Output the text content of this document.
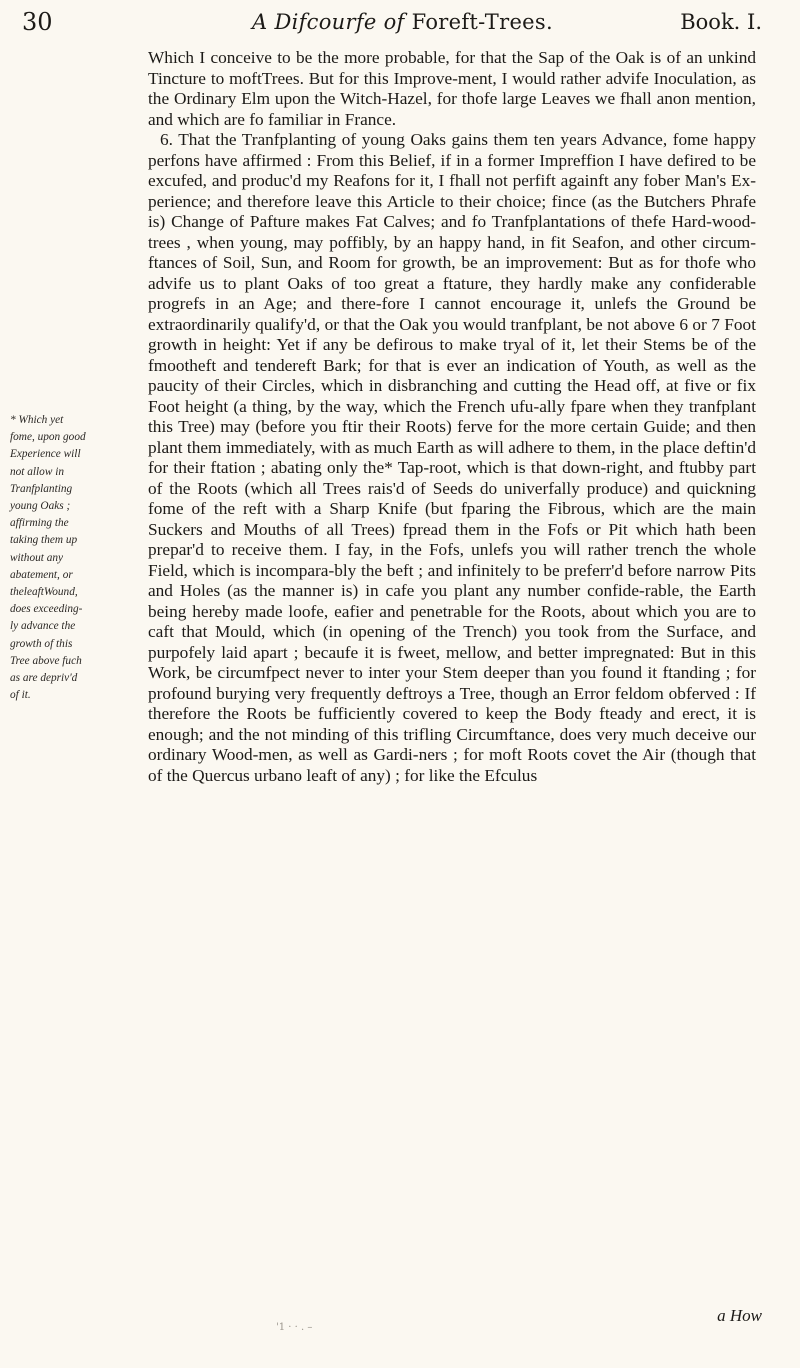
30	A Difcourfe of Foreft-Trees.	Book. I.

Which I conceive to be the more probable, for that the Sap of the Oak is of an unkind Tincture to moftTrees. But for this Improve-ment, I would rather advife Inoculation, as the Ordinary Elm upon the Witch-Hazel, for thofe large Leaves we fhall anon mention, and which are fo familiar in France.

6. That the Tranfplanting of young Oaks gains them ten years Advance, fome happy perfons have affirmed : From this Belief, if in a former Impreffion I have defired to be excufed, and produc'd my Reafons for it, I fhall not perfift againft any fober Man's Ex-perience; and therefore leave this Article to their choice; fince (as the Butchers Phrafe is) Change of Pafture makes Fat Calves; and fo Tranfplantations of thefe Hard-wood-trees , when young, may poffibly, by an happy hand, in fit Seafon, and other circum-ftances of Soil, Sun, and Room for growth, be an improvement: But as for thofe who advife us to plant Oaks of too great a ftature, they hardly make any confiderable progrefs in an Age; and there-fore I cannot encourage it, unlefs the Ground be extraordinarily qualify'd, or that the Oak you would tranfplant, be not above 6 or 7 Foot growth in height: Yet if any be defirous to make tryal of it, let their Stems be of the fmootheft and tendereft Bark; for that is ever an indication of Youth, as well as the paucity of their Circles, which in disbranching and cutting the Head off, at five or fix Foot height (a thing, by the way, which the French ufu-ally fpare when they tranfplant this Tree) may (before you ftir their Roots) ferve for the more certain Guide; and then plant them immediately, with as much Earth as will adhere to them, in the place deftin'd for their ftation ; abating only the* Tap-root, which is that down-right, and ftubby part of the Roots (which all Trees rais'd of Seeds do univerfally produce) and quickning fome of the reft with a Sharp Knife (but fparing the Fibrous, which are the main Suckers and Mouths of all Trees) fpread them in the Fofs or Pit which hath been prepar'd to receive them. I fay, in the Fofs, unlefs you will rather trench the whole Field, which is incompara-bly the beft ; and infinitely to be preferr'd before narrow Pits and Holes (as the manner is) in cafe you plant any number confide-rable, the Earth being hereby made loofe, eafier and penetrable for the Roots, about which you are to caft that Mould, which (in opening of the Trench) you took from the Surface, and purpofely laid apart ; becaufe it is fweet, mellow, and better impregnated: But in this Work, be circumfpect never to inter your Stem deeper than you found it ftanding ; for profound burying very frequently deftroys a Tree, though an Error feldom obferved : If therefore the Roots be fufficiently covered to keep the Body fteady and erect, it is enough; and the not minding of this trifling Circumftance, does very much deceive our ordinary Wood-men, as well as Gardi-ners ; for moft Roots covet the Air (though that of the Quercus urbano leaft of any) ; for like the Efculus

* Which yet
fome, upon good
Experience will
not allow in
Tranfplanting
young Oaks ;
affirming the
taking them up
without any
abatement, or
theleaftWound,
does exceeding-
ly advance the
growth of this
Tree above fuch
as are depriv'd
of it.
a How
'1 · · . –
